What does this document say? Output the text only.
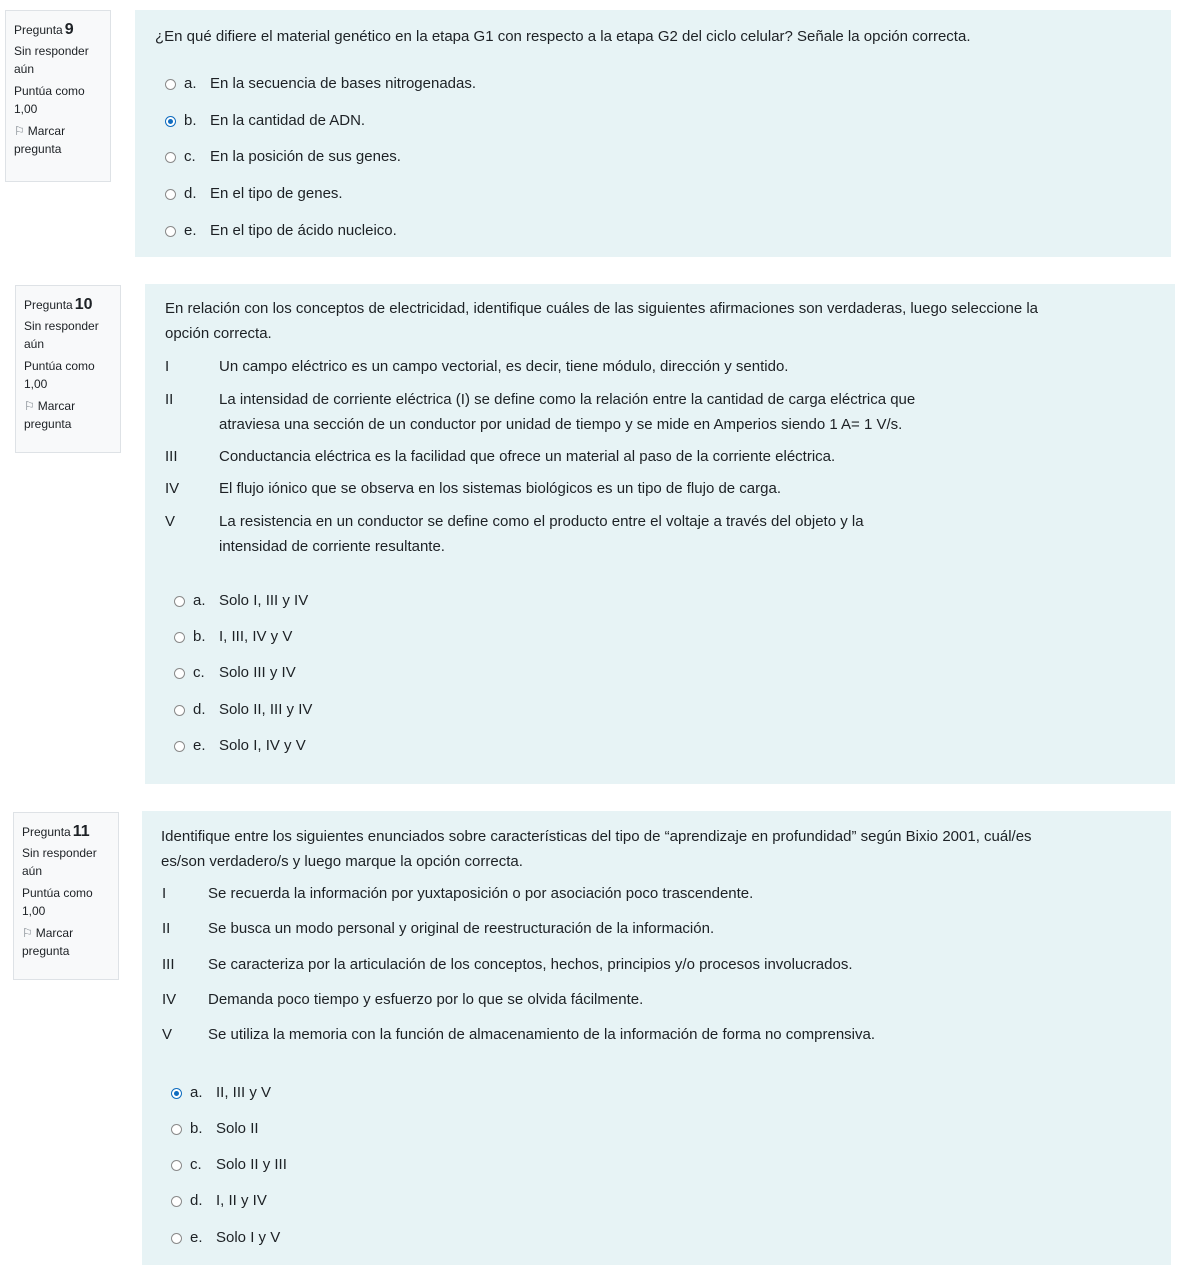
Pregunta 9
Sin responder aún
Puntúa como 1,00
⚐ Marcar pregunta
¿En qué difiere el material genético en la etapa G1 con respecto a la etapa G2 del ciclo celular? Señale la opción correcta.
a. En la secuencia de bases nitrogenadas.
b. En la cantidad de ADN.
c. En la posición de sus genes.
d. En el tipo de genes.
e. En el tipo de ácido nucleico.
Pregunta 10
Sin responder aún
Puntúa como 1,00
⚐ Marcar pregunta
En relación con los conceptos de electricidad, identifique cuáles de las siguientes afirmaciones son verdaderas, luego seleccione la
opción correcta.
I	Un campo eléctrico es un campo vectorial, es decir, tiene módulo, dirección y sentido.
II	La intensidad de corriente eléctrica (I) se define como la relación entre la cantidad de carga eléctrica que
atraviesa una sección de un conductor por unidad de tiempo y se mide en Amperios siendo 1 A= 1 V/s.
III	Conductancia eléctrica es la facilidad que ofrece un material al paso de la corriente eléctrica.
IV	El flujo iónico que se observa en los sistemas biológicos es un tipo de flujo de carga.
V	La resistencia en un conductor se define como el producto entre el voltaje a través del objeto y la
intensidad de corriente resultante.
a. Solo I, III y IV
b. I, III, IV y V
c. Solo III y IV
d. Solo II, III y IV
e. Solo I, IV y V
Pregunta 11
Sin responder aún
Puntúa como 1,00
⚐ Marcar pregunta
Identifique entre los siguientes enunciados sobre características del tipo de “aprendizaje en profundidad” según Bixio 2001, cuál/es
es/son verdadero/s y luego marque la opción correcta.
I	Se recuerda la información por yuxtaposición o por asociación poco trascendente.
II	Se busca un modo personal y original de reestructuración de la información.
III Se caracteriza por la articulación de los conceptos, hechos, principios y/o procesos involucrados.
IV Demanda poco tiempo y esfuerzo por lo que se olvida fácilmente.
V Se utiliza la memoria con la función de almacenamiento de la información de forma no comprensiva.
a. II, III y V
b. Solo II
c. Solo II y III
d. I, II y IV
e. Solo I y V
